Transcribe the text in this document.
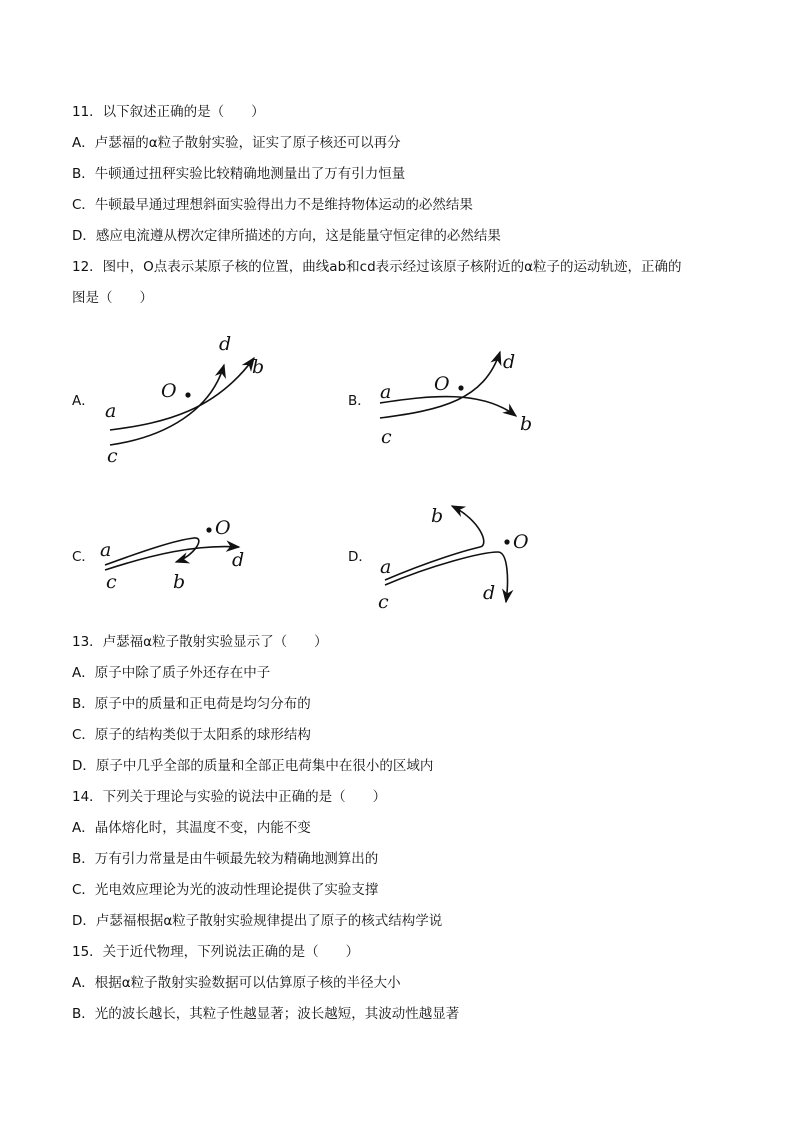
11．以下叙述正确的是（　　）
A．卢瑟福的α粒子散射实验，证实了原子核还可以再分
B．牛顿通过扭秤实验比较精确地测量出了万有引力恒量
C．牛顿最早通过理想斜面实验得出力不是维持物体运动的必然结果
D．感应电流遵从楞次定律所描述的方向，这是能量守恒定律的必然结果
12．图中，O点表示某原子核的位置，曲线ab和cd表示经过该原子核附近的α粒子的运动轨迹，正确的
图是（　　）
A．	O
d
b
a
c
B．
O
d
b
a
c
C．
O
d
b
a
c
D．
O
b
d
a
c
13．卢瑟福α粒子散射实验显示了（　　）
A．原子中除了质子外还存在中子
B．原子中的质量和正电荷是均匀分布的
C．原子的结构类似于太阳系的球形结构
D．原子中几乎全部的质量和全部正电荷集中在很小的区域内
14．下列关于理论与实验的说法中正确的是（　　）
A．晶体熔化时，其温度不变，内能不变
B．万有引力常量是由牛顿最先较为精确地测算出的
C．光电效应理论为光的波动性理论提供了实验支撑
D．卢瑟福根据α粒子散射实验规律提出了原子的核式结构学说
15．关于近代物理，下列说法正确的是（　　）
A．根据α粒子散射实验数据可以估算原子核的半径大小
B．光的波长越长，其粒子性越显著；波长越短，其波动性越显著
